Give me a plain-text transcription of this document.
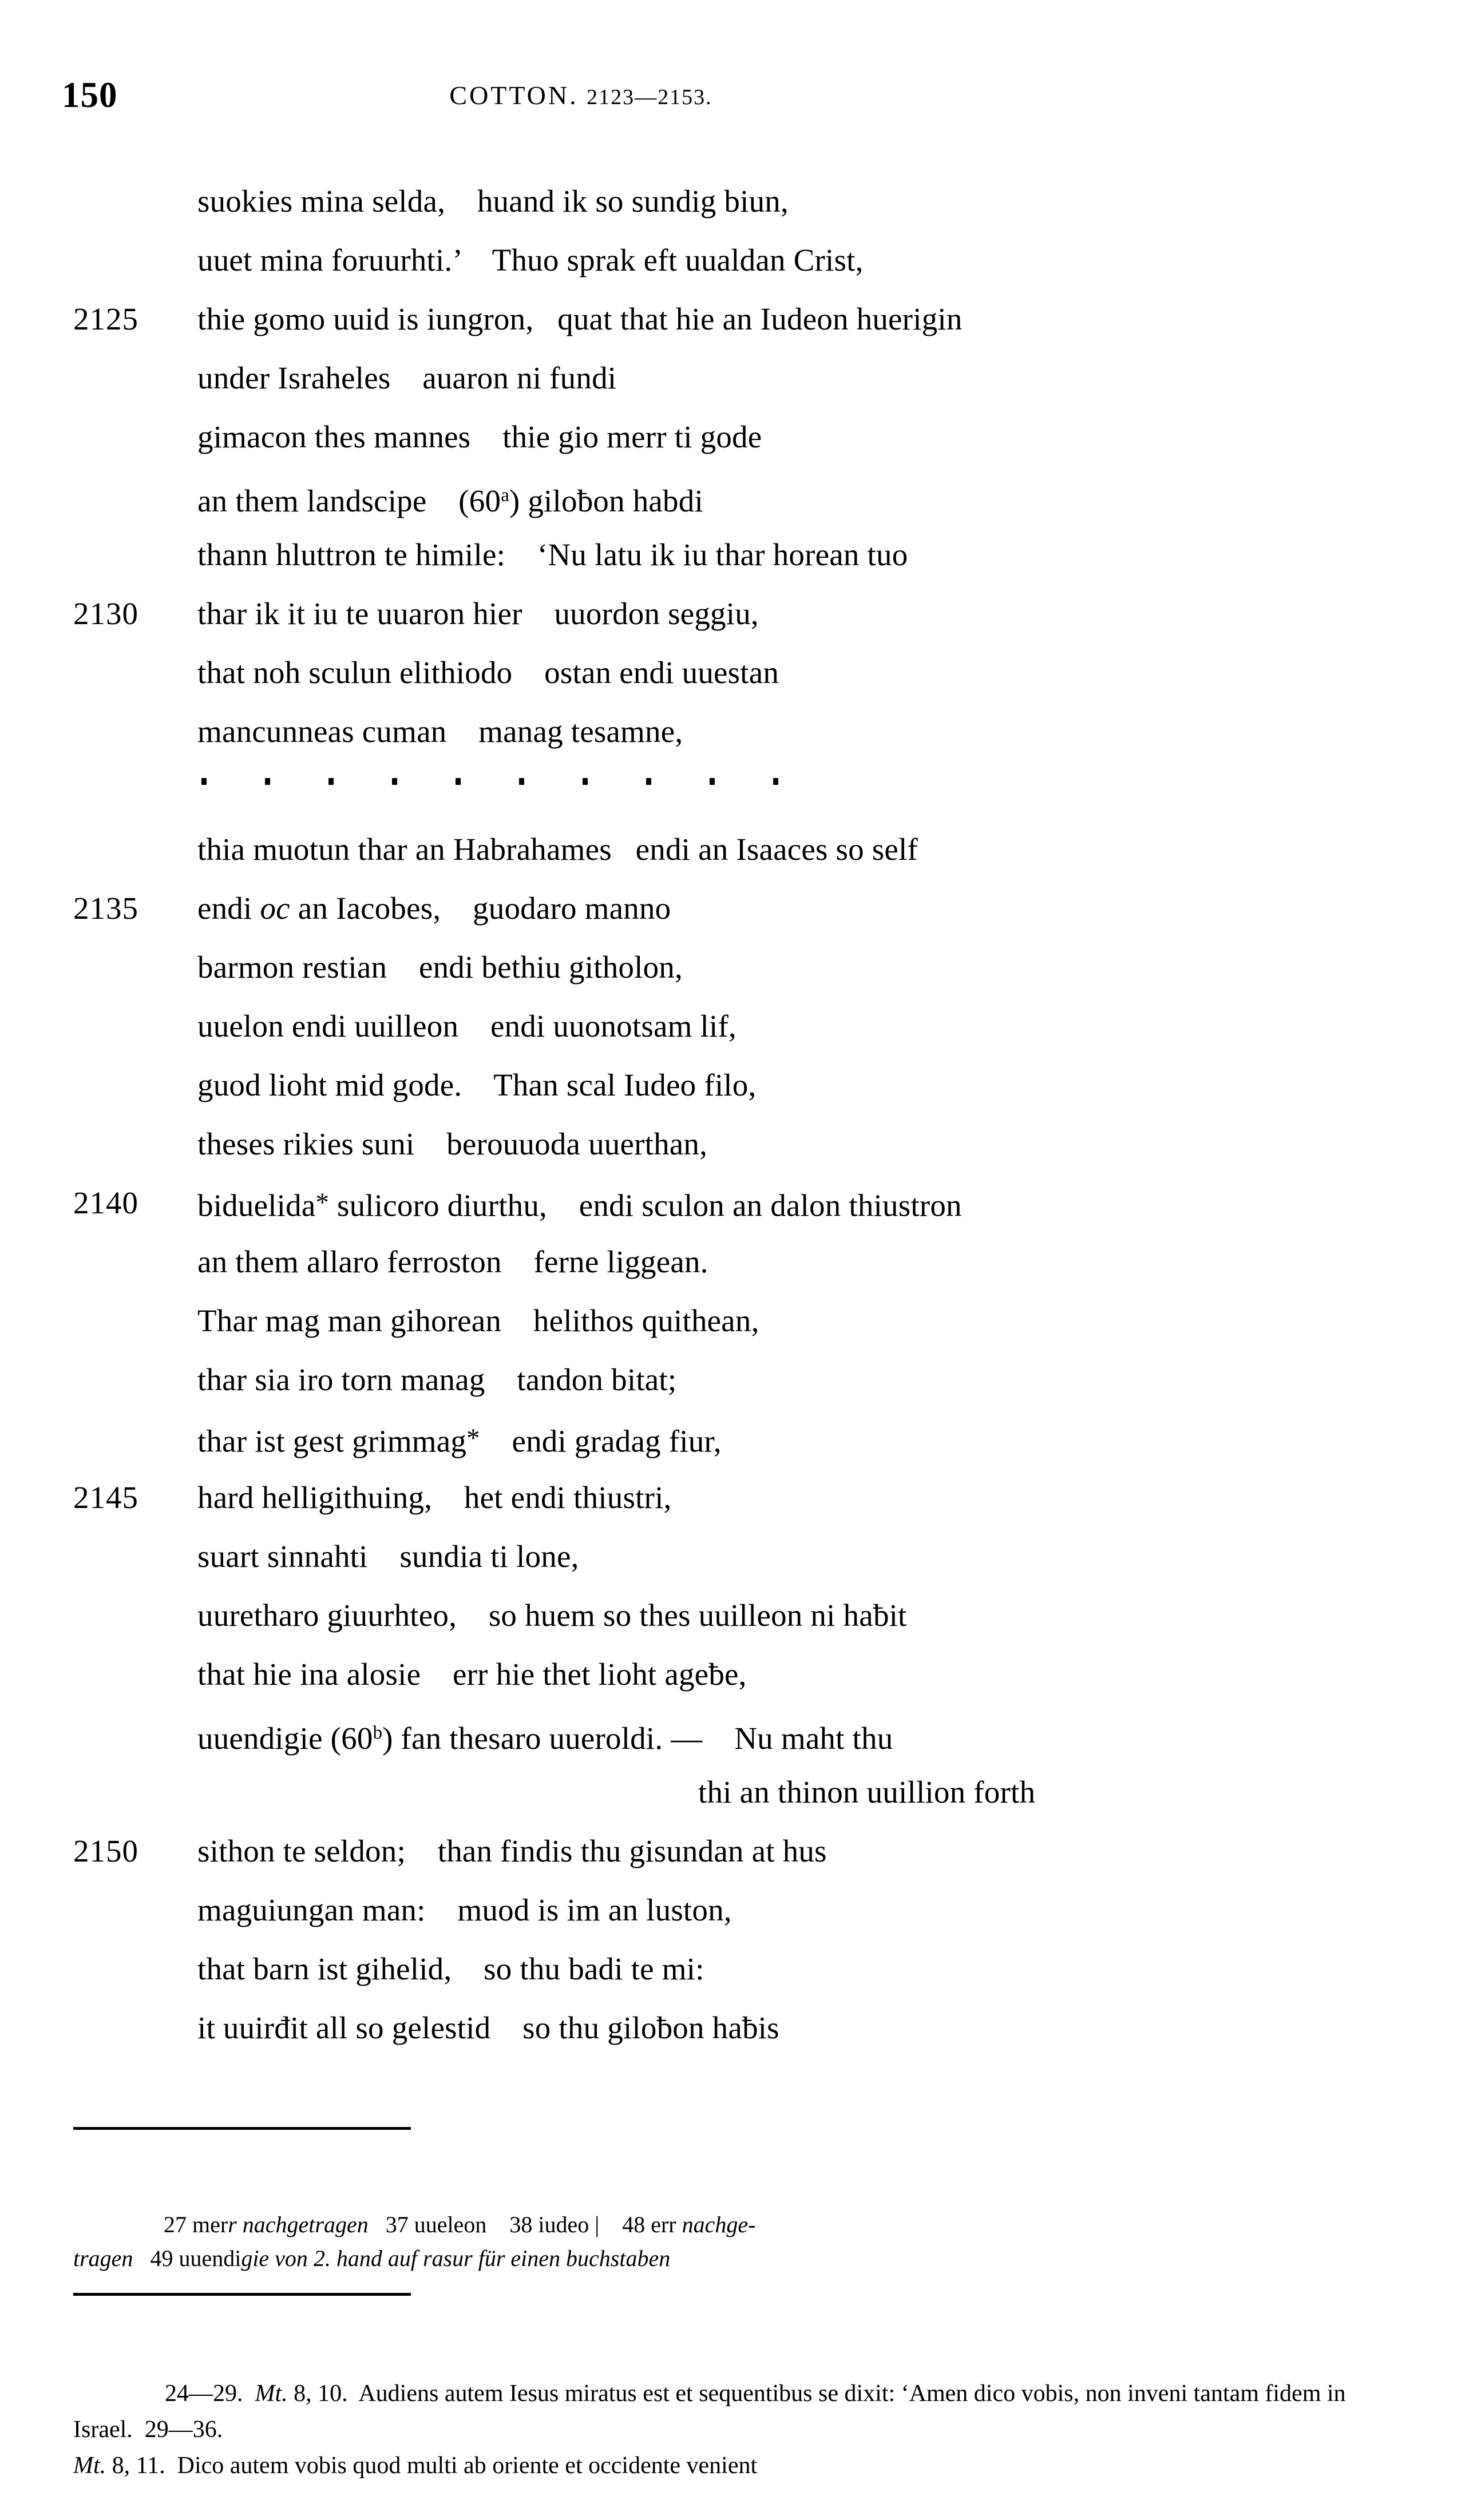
150	COTTON. 2123—2153.
suokies mina selda,    huand ik so sundig biun,
uuet mina foruurhti.’    Thuo sprak eft uualdan Crist,
2125 thie gomo uuid is iungron,   quat that hie an Iudeon huerigin
under Israheles    auaron ni fundi
gimacon thes mannes    thie gio merr ti gode
an them landscipe    (60$^a$) giloƀon habdi
thann hluttron te himile:    ‘Nu latu ik iu thar horean tuo
2130 thar ik it iu te uuaron hier    uuordon seggiu,
that noh sculun elithiodo    ostan endi uuestan
mancunneas cuman    manag tesamne,
thia muotun thar an Habrahames   endi an Isaaces so self
2135 endi oc an Iacobes,    guodaro manno
barmon restian    endi bethiu githolon,
uuelon endi uuilleon    endi uuonotsam lif,
guod lioht mid gode.    Than scal Iudeo filo,
theses rikies suni    berouuoda uuerthan,
2140 biduelida* sulicoro diurthu,    endi sculon an dalon thiustron
an them allaro ferroston    ferne liggean.
Thar mag man gihorean    helithos quithean,
thar sia iro torn manag    tandon bitat;
thar ist gest grimmag*    endi gradag fiur,
2145 hard helligithuing,    het endi thiustri,
suart sinnahti    sundia ti lone,
uuretharo giuurhteo,    so huem so thes uuilleon ni haƀit
that hie ina alosie    err hie thet lioht ageƀe,
uuendigie (60$^b$) fan thesaro uueroldi. —    Nu maht thu
thi an thinon uuillion forth
2150 sithon te seldon;    than findis thu gisundan at hus
maguiungan man:    muod is im an luston,
that barn ist gihelid,    so thu badi te mi:
it uuirđit all so gelestid    so thu giloƀon haƀis

27 merr nachgetragen   37 uueleon    38 iudeo |    48 err nachge-
tragen   49 uuendigie von 2. hand auf rasur für einen buchstaben

24—29. Mt. 8, 10.  Audiens autem Iesus miratus est et sequentibus se dixit: ‘Amen dico vobis, non inveni tantam fidem in Israel.  29—36.
Mt. 8, 11.  Dico autem vobis quod multi ab oriente et occidente venient
